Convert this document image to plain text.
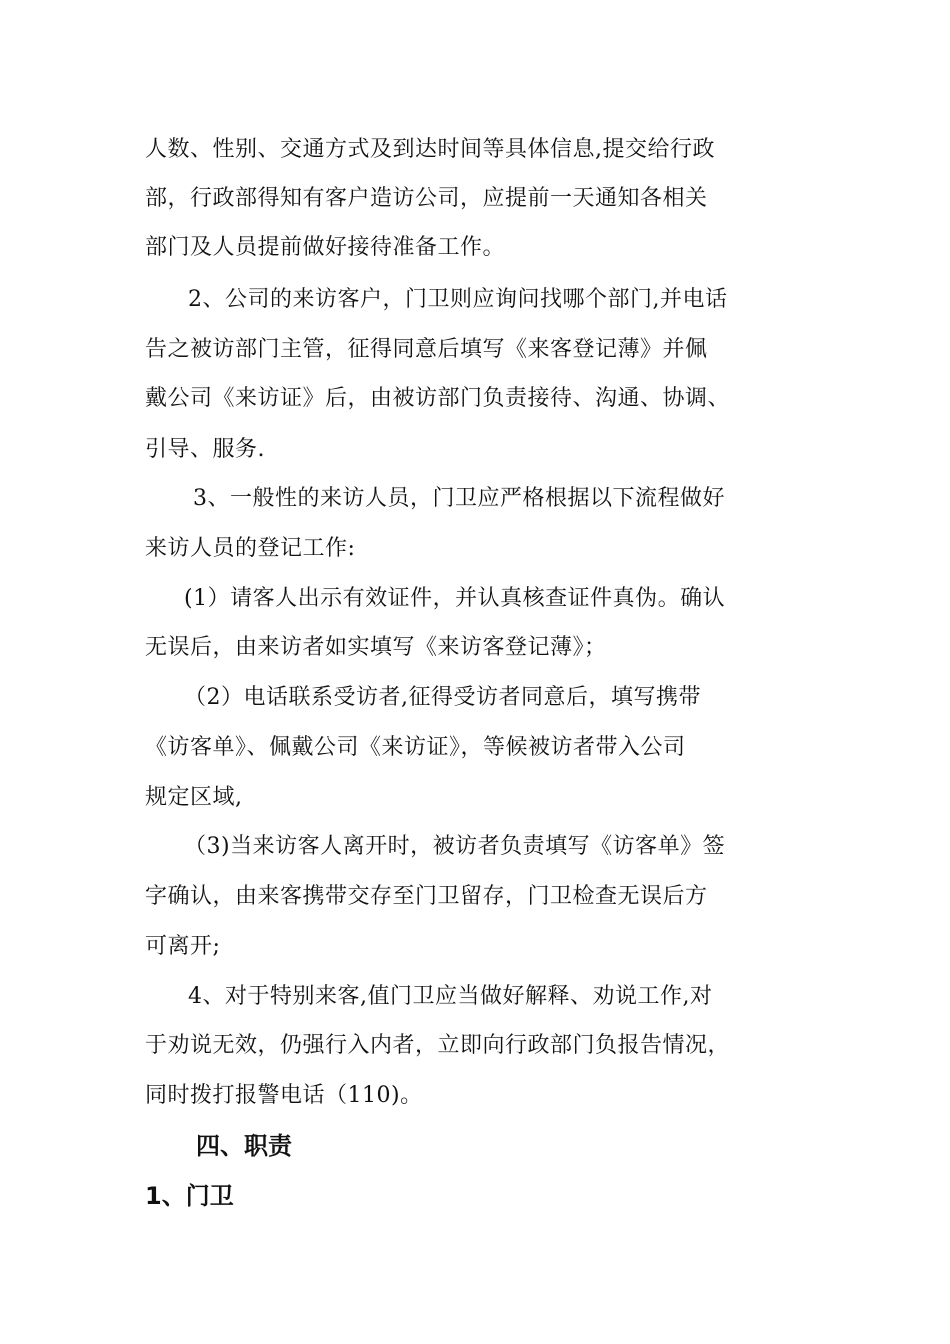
人数、性别、交通方式及到达时间等具体信息,提交给行政
部，行政部得知有客户造访公司，应提前一天通知各相关
部门及人员提前做好接待准备工作。
2、公司的来访客户，门卫则应询问找哪个部门,并电话
告之被访部门主管，征得同意后填写《来客登记薄》并佩
戴公司《来访证》后，由被访部门负责接待、沟通、协调、
引导、服务.
3、一般性的来访人员，门卫应严格根据以下流程做好
来访人员的登记工作:
(1）请客人出示有效证件，并认真核查证件真伪。确认
无误后，由来访者如实填写《来访客登记薄》；
（2）电话联系受访者,征得受访者同意后，填写携带
《访客单》、佩戴公司《来访证》，等候被访者带入公司
规定区域,
（3)当来访客人离开时，被访者负责填写《访客单》签
字确认，由来客携带交存至门卫留存，门卫检查无误后方
可离开;
4、对于特别来客,值门卫应当做好解释、劝说工作,对
于劝说无效，仍强行入内者，立即向行政部门负报告情况，
同时拨打报警电话（110)。
四、职责
1、门卫
